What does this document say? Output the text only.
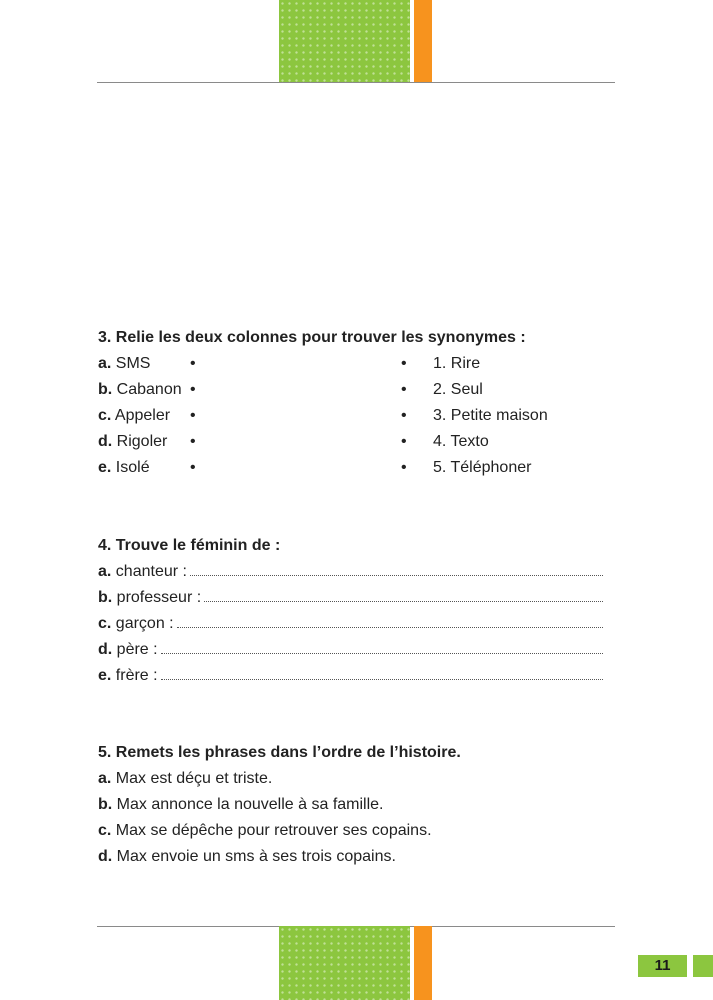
3. Relie les deux colonnes pour trouver les synonymes :

a. SMS •	• 1. Rire
b. Cabanon •	• 2. Seul
c. Appeler •	• 3. Petite maison
d. Rigoler •	• 4. Texto
e. Isolé	•	• 5. Téléphoner

4. Trouve le féminin de :

a. chanteur :
b. professeur :
c. garçon :
d. père :
e. frère :

5. Remets les phrases dans l’ordre de l’histoire.

a. Max est déçu et triste.
b. Max annonce la nouvelle à sa famille.
c. Max se dépêche pour retrouver ses copains.
d. Max envoie un sms à ses trois copains.
11
